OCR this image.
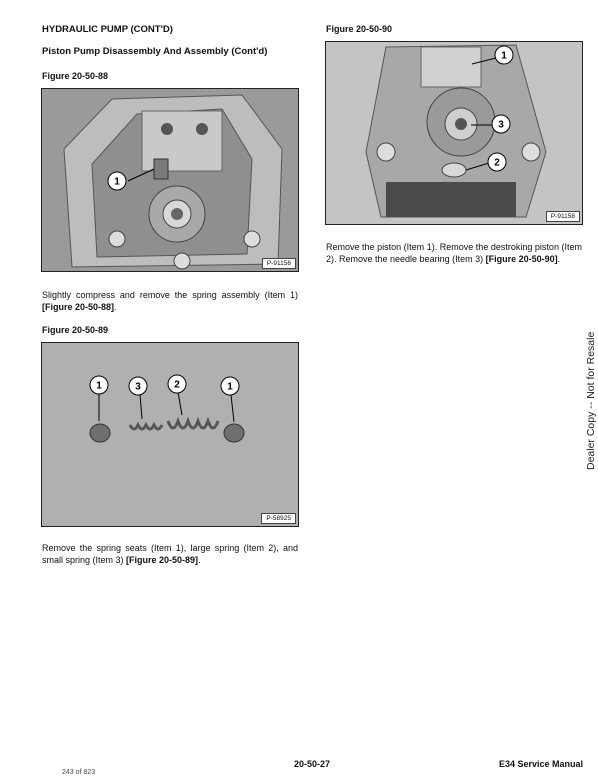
HYDRAULIC PUMP (CONT'D)
Piston Pump Disassembly And Assembly (Cont'd)
Figure 20-50-88
1
P-91156
Slightly compress and remove the spring assembly (Item 1) [Figure 20-50-88].
Figure 20-50-89
1	3	2	1
P-58925
Remove the spring seats (Item 1), large spring (Item 2), and small spring (Item 3) [Figure 20-50-89].
Figure 20-50-90
1
3
2
P-91158
Remove the piston (Item 1). Remove the destroking piston (Item 2). Remove the needle bearing (Item 3) [Figure 20-50-90].
Dealer Copy -- Not for Resale
20-50-27	E34 Service Manual
243 of 823
